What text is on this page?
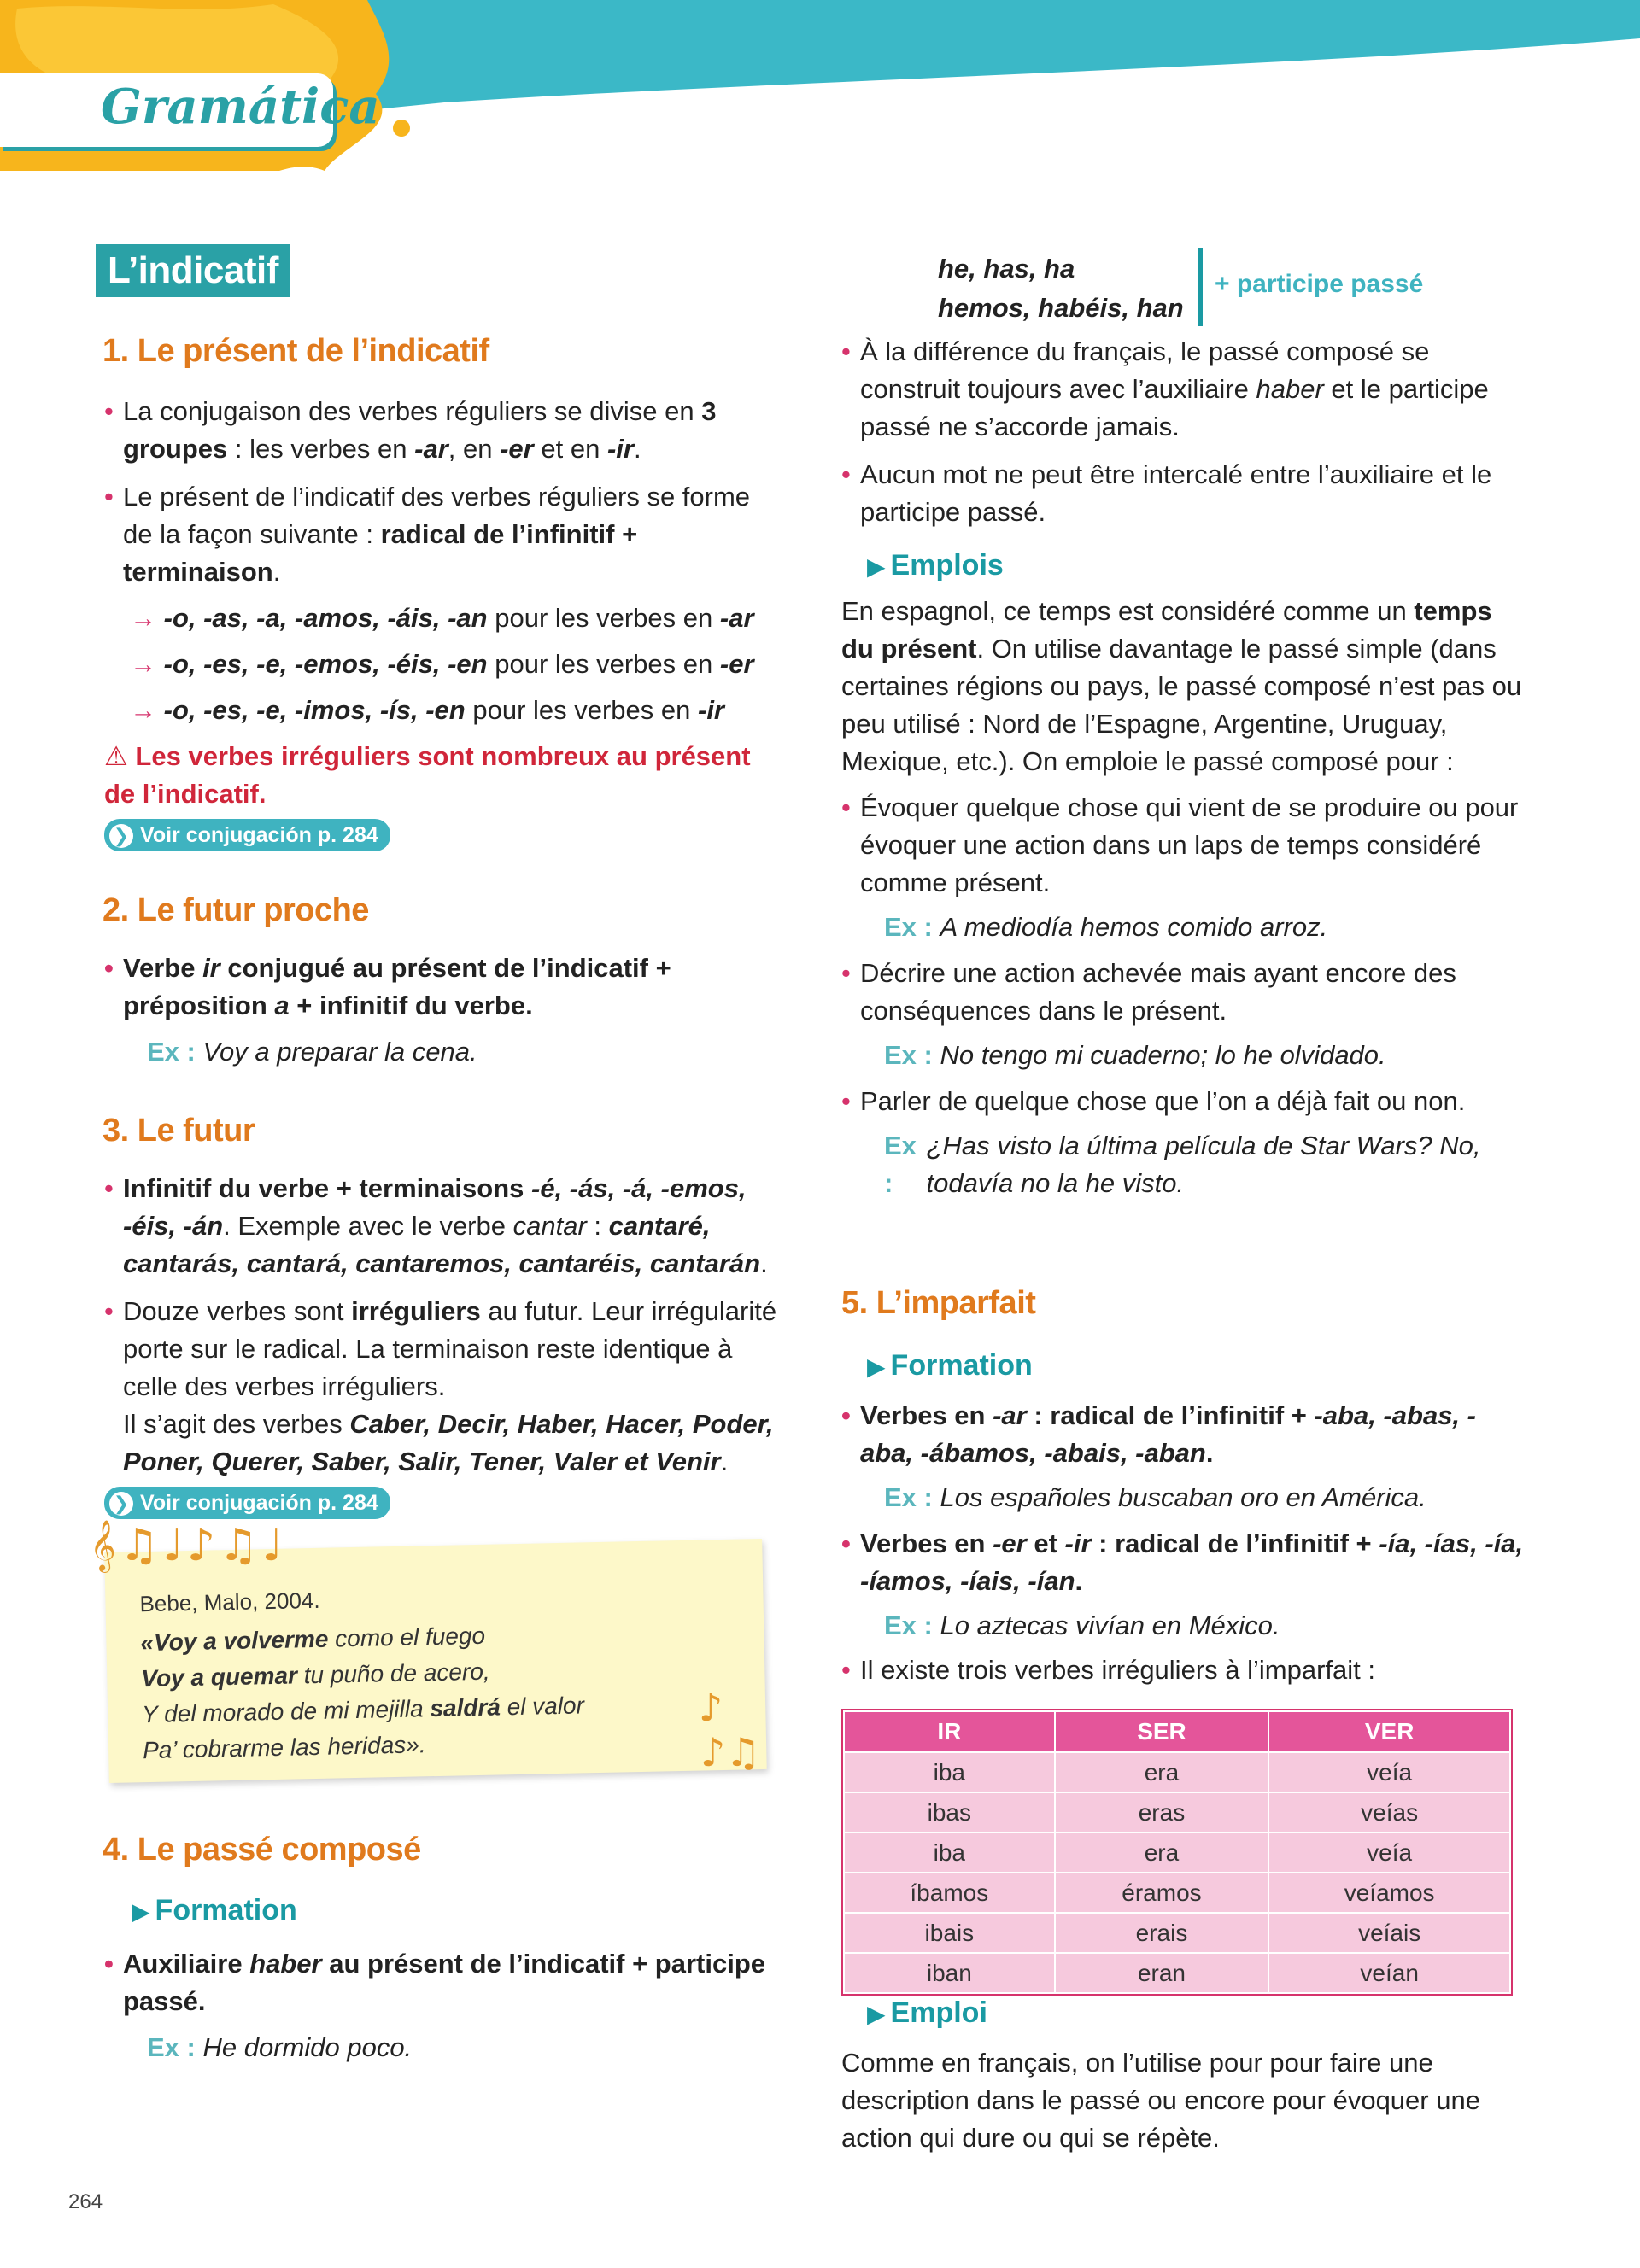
Gramática
L’indicatif
1. Le présent de l’indicatif
• La conjugaison des verbes réguliers se divise en 3 groupes : les verbes en -ar, en -er et en -ir.
• Le présent de l’indicatif des verbes réguliers se forme de la façon suivante : radical de l’infinitif + terminaison.
→ -o, -as, -a, -amos, -áis, -an pour les verbes en -ar
→ -o, -es, -e, -emos, -éis, -en pour les verbes en -er
→ -o, -es, -e, -imos, -ís, -en pour les verbes en -ir
⚠ Les verbes irréguliers sont nombreux au présent de l’indicatif.
❯ Voir conjugación p. 284
2. Le futur proche
• Verbe ir conjugué au présent de l’indicatif + préposition a + infinitif du verbe.
Ex : Voy a preparar la cena.
3. Le futur
• Infinitif du verbe + terminaisons -é, -ás, -á, -emos, -éis, -án. Exemple avec le verbe cantar : cantaré, cantarás, cantará, cantaremos, cantaréis, cantarán.
• Douze verbes sont irréguliers au futur. Leur irrégularité porte sur le radical. La terminaison reste identique à celle des verbes irréguliers.
Il s’agit des verbes Caber, Decir, Haber, Hacer, Poder, Poner, Querer, Saber, Salir, Tener, Valer et Venir.
❯ Voir conjugación p. 284
Bebe, Malo, 2004.
«Voy a volverme como el fuego
Voy a quemar tu puño de acero,
Y del morado de mi mejilla saldrá el valor
Pa’ cobrarme las heridas».
𝄞♫♩♪♫♩
♪
♪♫
4. Le passé composé
▶ Formation
• Auxiliaire haber au présent de l’indicatif + participe passé.
Ex : He dormido poco.
264
he, has, ha
hemos, habéis, han
+ participe passé
• À la différence du français, le passé composé se construit toujours avec l’auxiliaire haber et le participe passé ne s’accorde jamais.
• Aucun mot ne peut être intercalé entre l’auxiliaire et le participe passé.
▶ Emplois
En espagnol, ce temps est considéré comme un temps du présent. On utilise davantage le passé simple (dans certaines régions ou pays, le passé composé n’est pas ou peu utilisé : Nord de l’Espagne, Argentine, Uruguay, Mexique, etc.). On emploie le passé composé pour :
• Évoquer quelque chose qui vient de se produire ou pour évoquer une action dans un laps de temps considéré comme présent.
Ex : A mediodía hemos comido arroz.
• Décrire une action achevée mais ayant encore des conséquences dans le présent.
Ex : No tengo mi cuaderno; lo he olvidado.
• Parler de quelque chose que l’on a déjà fait ou non.
Ex :
¿Has visto la última película de Star Wars? No, todavía no la he visto.
5. L’imparfait
▶ Formation
• Verbes en -ar : radical de l’infinitif + -aba, -abas, -aba, -ábamos, -abais, -aban.
Ex : Los españoles buscaban oro en América.
• Verbes en -er et -ir : radical de l’infinitif + -ía, -ías, -ía, -íamos, -íais, -ían.
Ex : Lo aztecas vivían en México.
• Il existe trois verbes irréguliers à l’imparfait :
IR	SER	VER
iba	era	veía
ibas	eras	veías
iba	era	veía
íbamos	éramos	veíamos
ibais	erais	veíais
iban	eran	veían
▶ Emploi
Comme en français, on l’utilise pour pour faire une description dans le passé ou encore pour évoquer une action qui dure ou qui se répète.
